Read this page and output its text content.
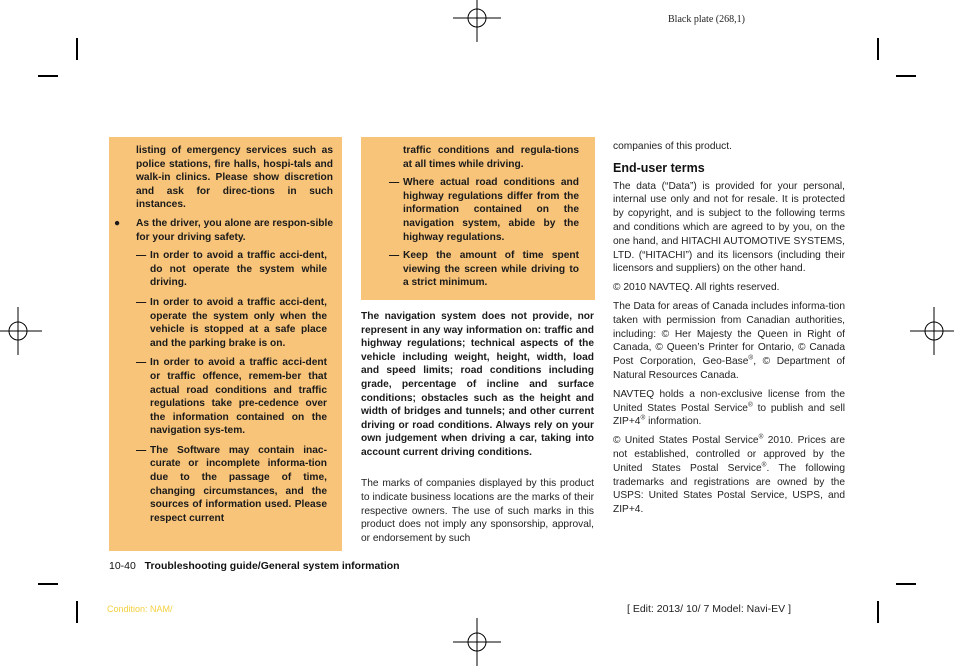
Black plate (268,1)

listing of emergency services such as police stations, fire halls, hospi-tals and walk-in clinics. Please show discretion and ask for direc-tions in such instances.

● As the driver, you alone are respon-sible for your driving safety.
— In order to avoid a traffic acci-dent, do not operate the system while driving.
— In order to avoid a traffic acci-dent, operate the system only when the vehicle is stopped at a safe place and the parking brake is on.
— In order to avoid a traffic acci-dent or traffic offence, remem-ber that actual road conditions and traffic regulations take pre-cedence over the information contained on the navigation sys-tem.
— The Software may contain inac-curate or incomplete informa-tion due to the passage of time, changing circumstances, and the sources of information used. Please respect current

traffic conditions and regula-tions at all times while driving.

— Where actual road conditions and highway regulations differ from the information contained on the navigation system, abide by the highway regulations.
— Keep the amount of time spent viewing the screen while driving to a strict minimum.

The navigation system does not provide, nor represent in any way information on: traffic and highway regulations; technical aspects of the vehicle including weight, height, width, load and speed limits; road conditions including grade, percentage of incline and surface conditions; obstacles such as the height and width of bridges and tunnels; and other current driving or road conditions. Always rely on your own judgement when driving a car, taking into account current driving conditions.

The marks of companies displayed by this product to indicate business locations are the marks of their respective owners. The use of such marks in this product does not imply any sponsorship, approval, or endorsement by such

companies of this product.

End-user terms

The data (“Data”) is provided for your personal, internal use only and not for resale. It is protected by copyright, and is subject to the following terms and conditions which are agreed to by you, on the one hand, and HITACHI AUTOMOTIVE SYSTEMS, LTD. (“HITACHI”) and its licensors (including their licensors and suppliers) on the other hand.

© 2010 NAVTEQ. All rights reserved.

The Data for areas of Canada includes informa-tion taken with permission from Canadian authorities, including: © Her Majesty the Queen in Right of Canada, © Queen’s Printer for Ontario, © Canada Post Corporation, Geo-Base®, © Department of Natural Resources Canada.

NAVTEQ holds a non-exclusive license from the United States Postal Service® to publish and sell ZIP+4® information.

© United States Postal Service® 2010. Prices are not established, controlled or approved by the United States Postal Service®. The following trademarks and registrations are owned by the USPS: United States Postal Service, USPS, and ZIP+4.

10-40 Troubleshooting guide/General system information
Condition: NAM/	[ Edit: 2013/ 10/ 7 Model: Navi-EV ]
